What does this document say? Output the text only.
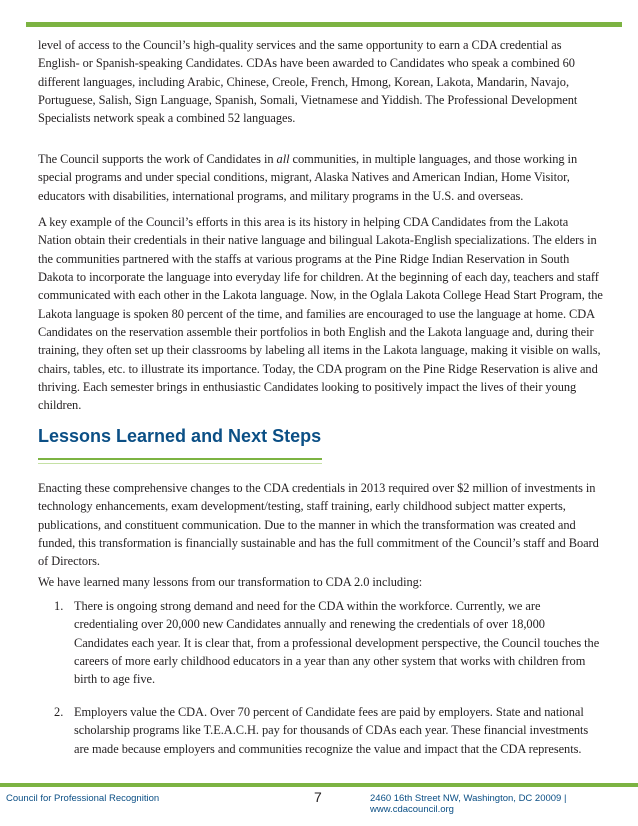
level of access to the Council’s high-quality services and the same opportunity to earn a CDA credential as English- or Spanish-speaking Candidates. CDAs have been awarded to Candidates who speak a combined 60 different languages, including Arabic, Chinese, Creole, French, Hmong, Korean, Lakota, Mandarin, Navajo, Portuguese, Salish, Sign Language, Spanish, Somali, Vietnamese and Yiddish. The Professional Development Specialists network speak a combined 52 languages.

The Council supports the work of Candidates in all communities, in multiple languages, and those working in special programs and under special conditions, migrant, Alaska Natives and American Indian, Home Visitor, educators with disabilities, international programs, and military programs in the U.S. and overseas.

A key example of the Council’s efforts in this area is its history in helping CDA Candidates from the Lakota Nation obtain their credentials in their native language and bilingual Lakota-English specializations. The elders in the communities partnered with the staffs at various programs at the Pine Ridge Indian Reservation in South Dakota to incorporate the language into everyday life for children. At the beginning of each day, teachers and staff communicated with each other in the Lakota language. Now, in the Oglala Lakota College Head Start Program, the Lakota language is spoken 80 percent of the time, and families are encouraged to use the language at home. CDA Candidates on the reservation assemble their portfolios in both English and the Lakota language and, during their training, they often set up their classrooms by labeling all items in the Lakota language, making it visible on walls, chairs, tables, etc. to illustrate its importance. Today, the CDA program on the Pine Ridge Reservation is alive and thriving. Each semester brings in enthusiastic Candidates looking to positively impact the lives of their young children.

Lessons Learned and Next Steps

Enacting these comprehensive changes to the CDA credentials in 2013 required over $2 million of investments in technology enhancements, exam development/testing, staff training, early childhood subject matter experts, publications, and constituent communication. Due to the manner in which the transformation was created and funded, this transformation is financially sustainable and has the full commitment of the Council’s staff and Board of Directors.

We have learned many lessons from our transformation to CDA 2.0 including:

1. There is ongoing strong demand and need for the CDA within the workforce. Currently, we are credentialing over 20,000 new Candidates annually and renewing the credentials of over 18,000 Candidates each year. It is clear that, from a professional development perspective, the Council touches the careers of more early childhood educators in a year than any other system that works with children from birth to age five.

2. Employers value the CDA. Over 70 percent of Candidate fees are paid by employers. State and national scholarship programs like T.E.A.C.H. pay for thousands of CDAs each year. These financial investments are made because employers and communities recognize the value and impact that the CDA represents.

Council for Professional Recognition	7	2460 16th Street NW, Washington, DC 20009 | www.cdacouncil.org
